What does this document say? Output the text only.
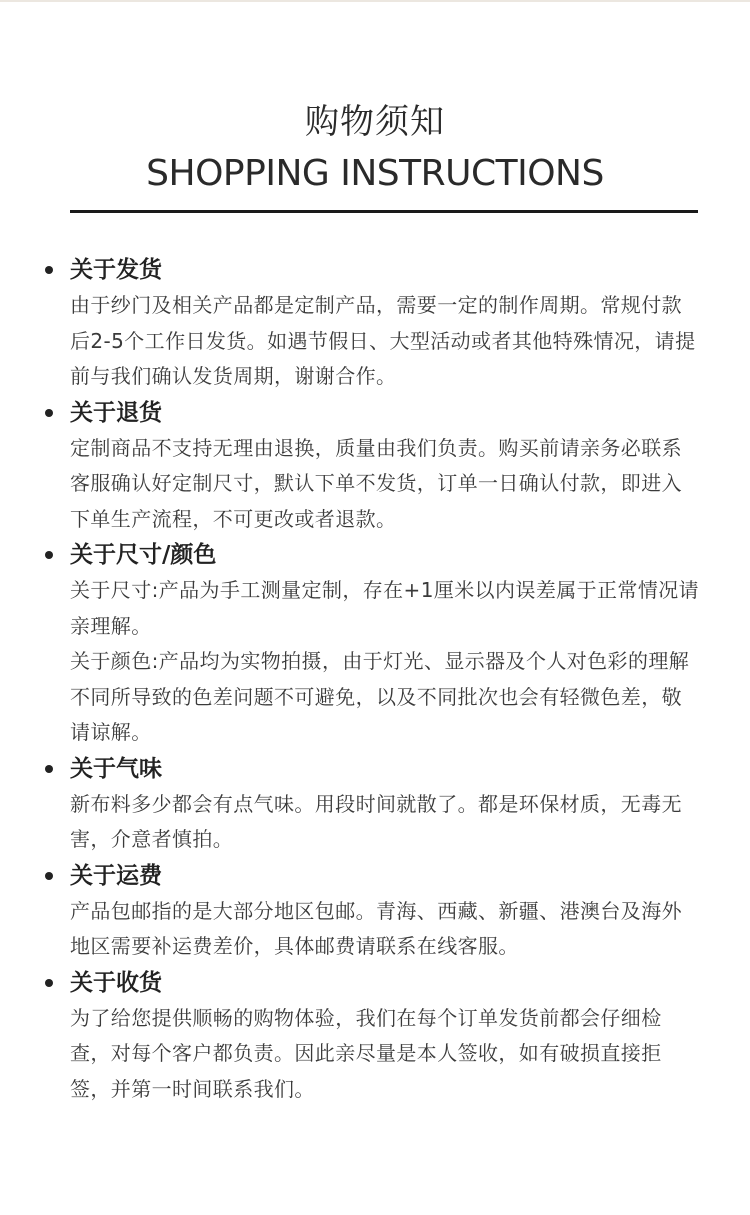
购物须知
SHOPPING INSTRUCTIONS
关于发货

由于纱门及相关产品都是定制产品，需要一定的制作周期。常规付款后2-5个工作日发货。如遇节假日、大型活动或者其他特殊情况，请提前与我们确认发货周期，谢谢合作。

关于退货

定制商品不支持无理由退换，质量由我们负责。购买前请亲务必联系客服确认好定制尺寸，默认下单不发货，订单一日确认付款，即进入下单生产流程，不可更改或者退款。

关于尺寸/颜色

关于尺寸:产品为手工测量定制，存在+1厘米以内误差属于正常情况请亲理解。

关于颜色:产品均为实物拍摄，由于灯光、显示器及个人对色彩的理解不同所导致的色差问题不可避免，以及不同批次也会有轻微色差，敬请谅解。

关于气味

新布料多少都会有点气味。用段时间就散了。都是环保材质，无毒无害，介意者慎拍。

关于运费

产品包邮指的是大部分地区包邮。青海、西藏、新疆、港澳台及海外地区需要补运费差价，具体邮费请联系在线客服。

关于收货

为了给您提供顺畅的购物体验，我们在每个订单发货前都会仔细检查，对每个客户都负责。因此亲尽量是本人签收，如有破损直接拒签，并第一时间联系我们。
